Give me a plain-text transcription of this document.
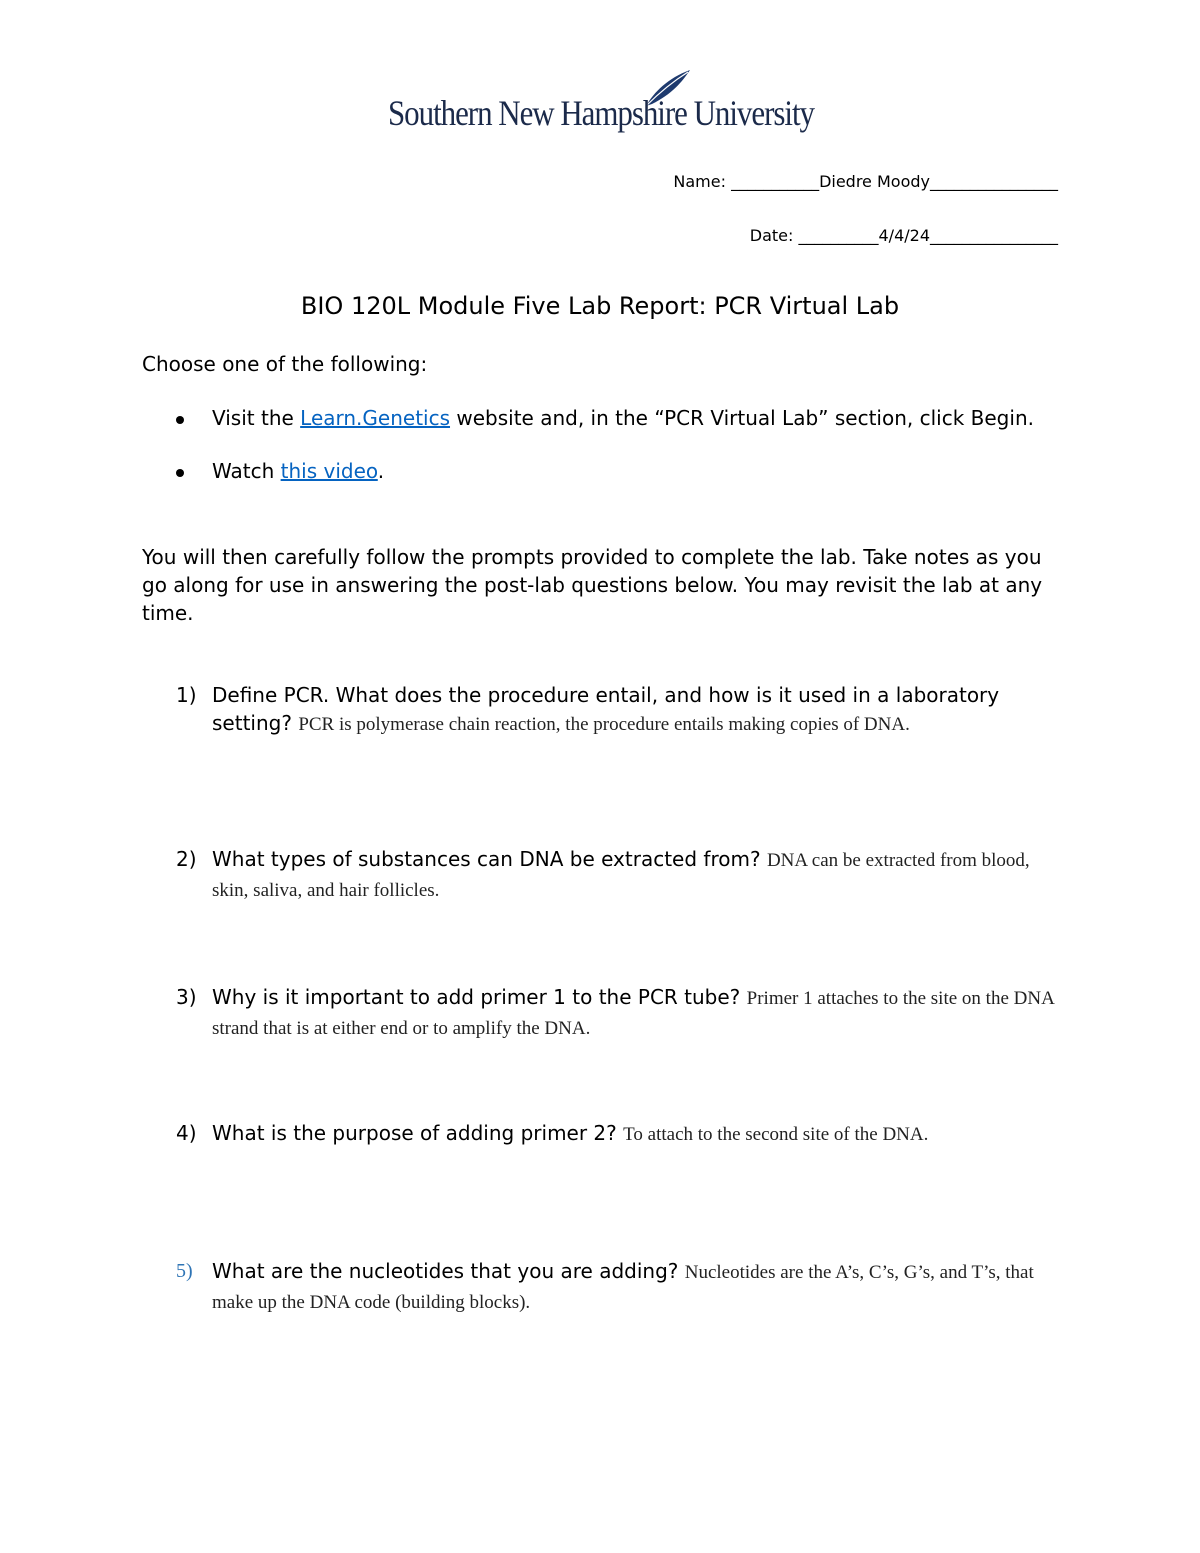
Southern New Hampshire University
Name: ___________Diedre Moody________________
Date: __________4/4/24________________
BIO 120L Module Five Lab Report: PCR Virtual Lab
Choose one of the following:
Visit the Learn.Genetics website and, in the “PCR Virtual Lab” section, click Begin.
Watch this video.
You will then carefully follow the prompts provided to complete the lab. Take notes as you go along for use in answering the post-lab questions below. You may revisit the lab at any time.
1) Define PCR. What does the procedure entail, and how is it used in a laboratory setting? PCR is polymerase chain reaction, the procedure entails making copies of DNA.
2) What types of substances can DNA be extracted from? DNA can be extracted from blood, skin, saliva, and hair follicles.
3) Why is it important to add primer 1 to the PCR tube? Primer 1 attaches to the site on the DNA strand that is at either end or to amplify the DNA.
4) What is the purpose of adding primer 2? To attach to the second site of the DNA.
5) What are the nucleotides that you are adding? Nucleotides are the A’s, C’s, G’s, and T’s, that make up the DNA code (building blocks).
